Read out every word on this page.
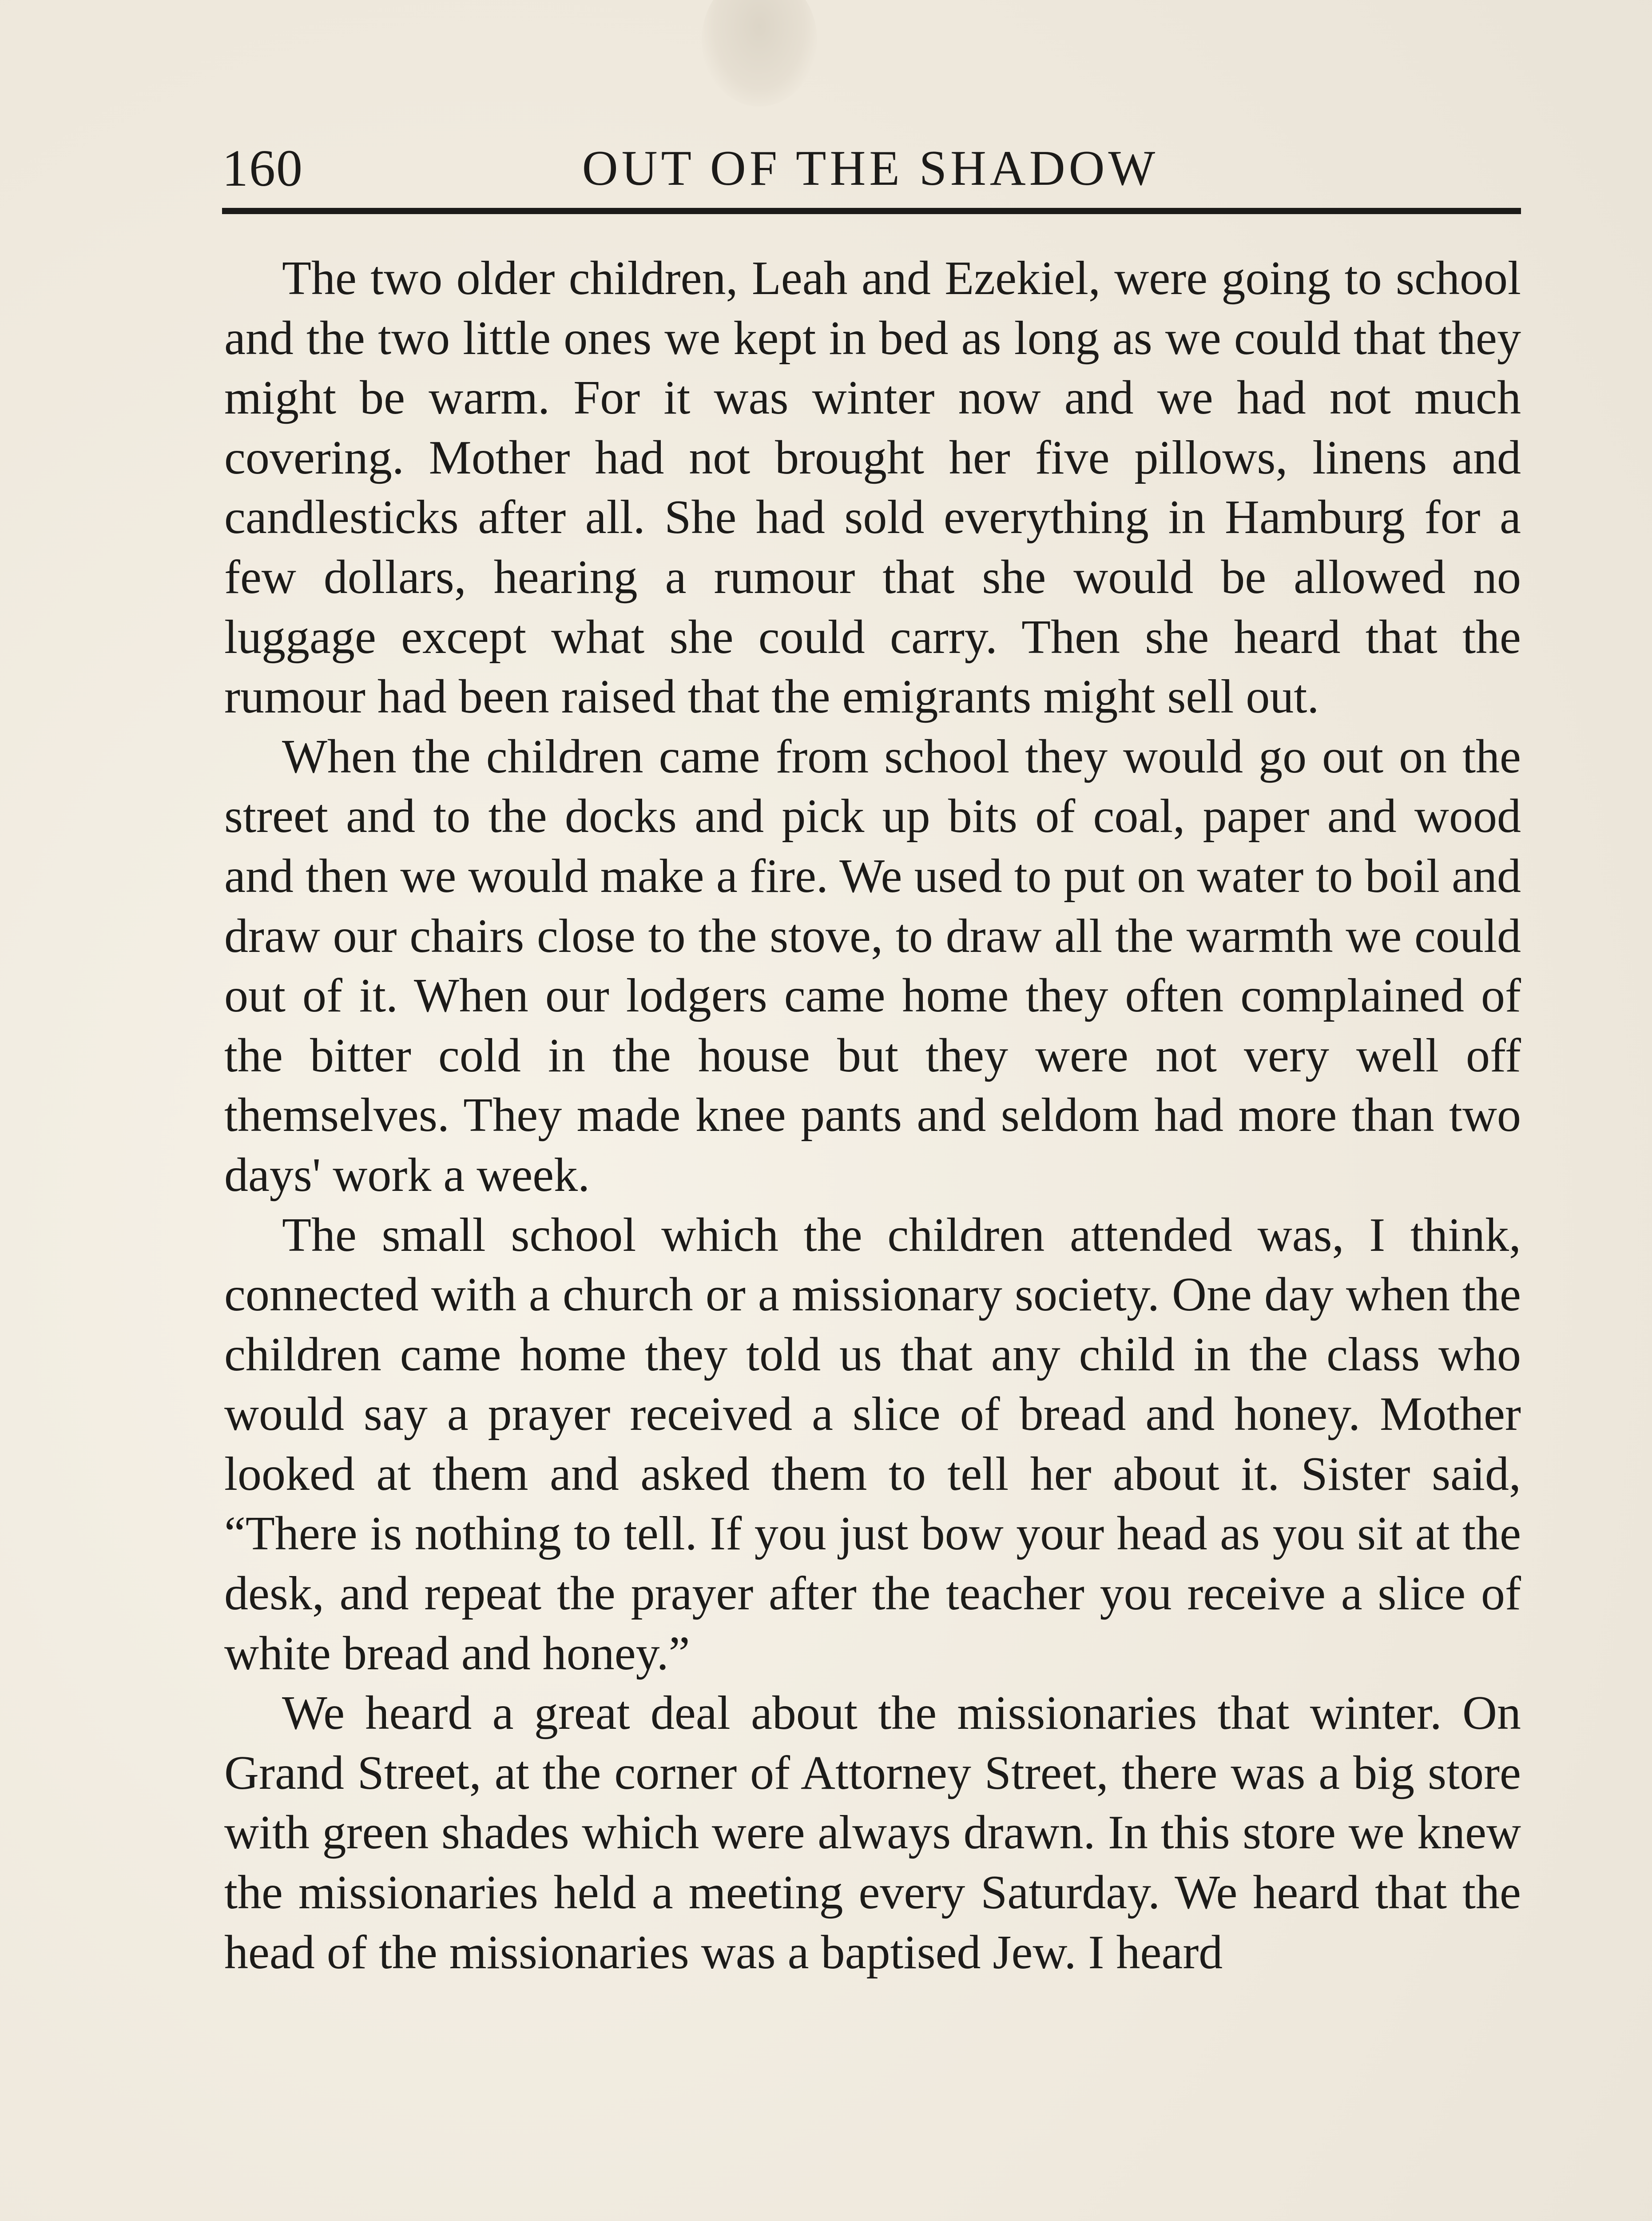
160	OUT OF THE SHADOW

The two older children, Leah and Ezekiel, were going to school and the two little ones we kept in bed as long as we could that they might be warm. For it was winter now and we had not much covering. Mother had not brought her five pillows, linens and candlesticks after all. She had sold everything in Hamburg for a few dollars, hearing a rumour that she would be allowed no luggage except what she could carry. Then she heard that the rumour had been raised that the emigrants might sell out.

When the children came from school they would go out on the street and to the docks and pick up bits of coal, paper and wood and then we would make a fire. We used to put on water to boil and draw our chairs close to the stove, to draw all the warmth we could out of it. When our lodgers came home they often complained of the bitter cold in the house but they were not very well off themselves. They made knee pants and seldom had more than two days' work a week.

The small school which the children attended was, I think, connected with a church or a missionary society. One day when the children came home they told us that any child in the class who would say a prayer received a slice of bread and honey. Mother looked at them and asked them to tell her about it. Sister said, “There is nothing to tell. If you just bow your head as you sit at the desk, and repeat the prayer after the teacher you receive a slice of white bread and honey.”

We heard a great deal about the missionaries that winter. On Grand Street, at the corner of Attorney Street, there was a big store with green shades which were always drawn. In this store we knew the missionaries held a meeting every Saturday. We heard that the head of the missionaries was a baptised Jew. I heard
